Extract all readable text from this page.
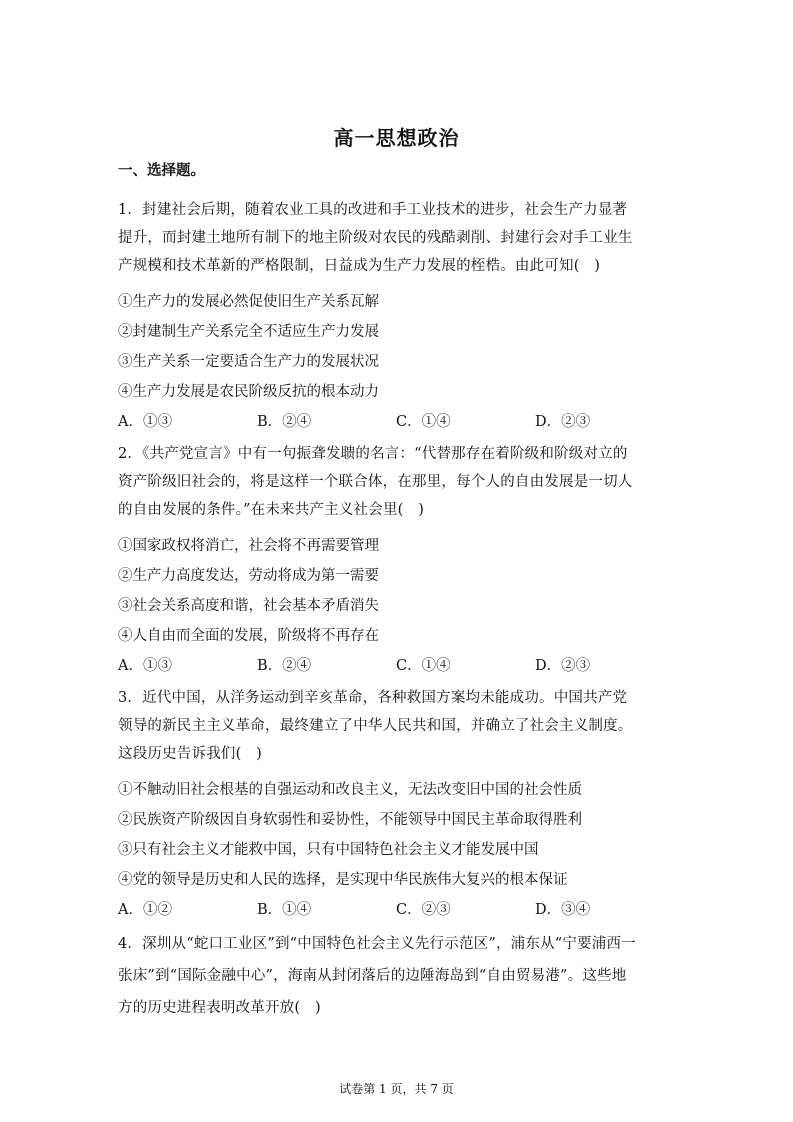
高一思想政治
一、选择题。

1．封建社会后期，随着农业工具的改进和手工业技术的进步，社会生产力显著

提升，而封建土地所有制下的地主阶级对农民的残酷剥削、封建行会对手工业生

产规模和技术革新的严格限制，日益成为生产力发展的桎梏。由此可知(　)

①生产力的发展必然促使旧生产关系瓦解

②封建制生产关系完全不适应生产力发展

③生产关系一定要适合生产力的发展状况

④生产力发展是农民阶级反抗的根本动力

A．①③	B．②④	C．①④	D．②③

2．《共产党宣言》中有一句振聋发聩的名言：“代替那存在着阶级和阶级对立的

资产阶级旧社会的，将是这样一个联合体，在那里，每个人的自由发展是一切人

的自由发展的条件。”在未来共产主义社会里(　)

①国家政权将消亡，社会将不再需要管理

②生产力高度发达，劳动将成为第一需要

③社会关系高度和谐，社会基本矛盾消失

④人自由而全面的发展，阶级将不再存在

A．①③	B．②④	C．①④	D．②③

3．近代中国，从洋务运动到辛亥革命，各种救国方案均未能成功。中国共产党

领导的新民主主义革命，最终建立了中华人民共和国，并确立了社会主义制度。

这段历史告诉我们(　)

①不触动旧社会根基的自强运动和改良主义，无法改变旧中国的社会性质

②民族资产阶级因自身软弱性和妥协性，不能领导中国民主革命取得胜利

③只有社会主义才能救中国，只有中国特色社会主义才能发展中国

④党的领导是历史和人民的选择，是实现中华民族伟大复兴的根本保证

A．①②	B．①④	C．②③	D．③④

4．深圳从“蛇口工业区”到“中国特色社会主义先行示范区”，浦东从“宁要浦西一

张床”到“国际金融中心”，海南从封闭落后的边陲海岛到“自由贸易港”。这些地

方的历史进程表明改革开放(　)

试卷第 1 页，共 7 页
